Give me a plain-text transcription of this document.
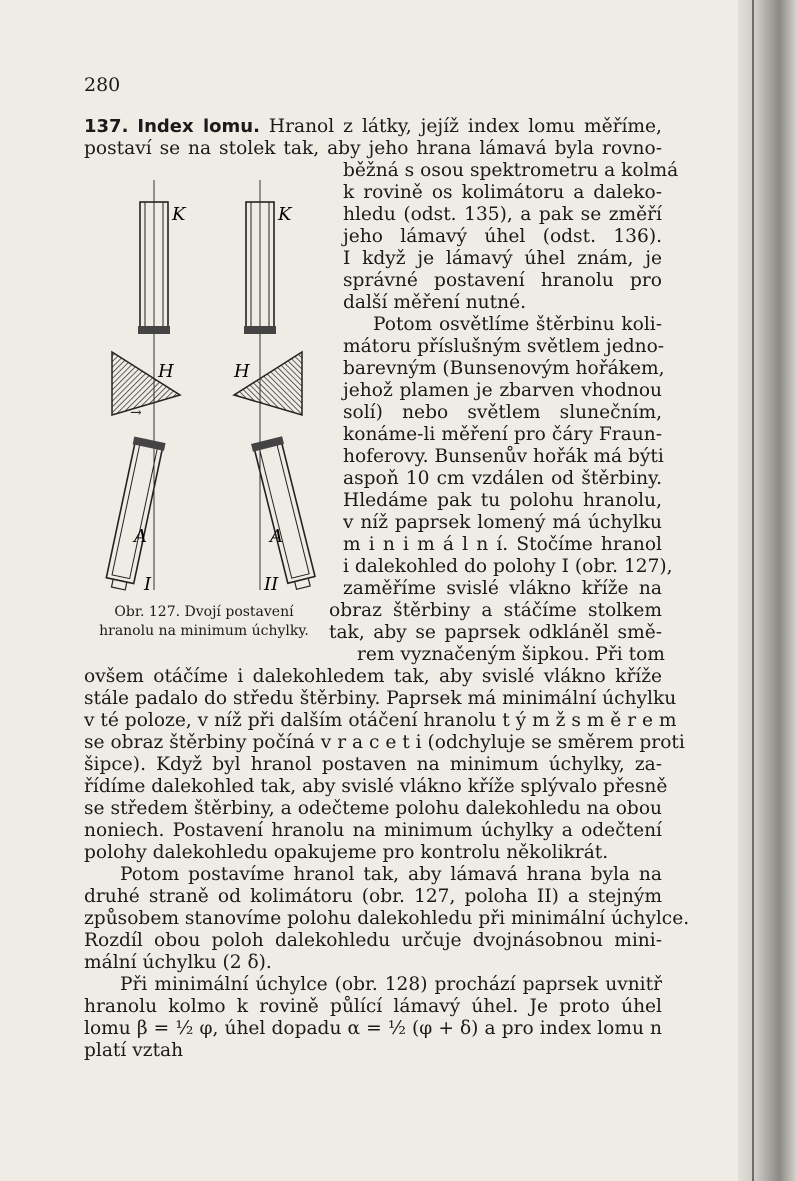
280

137. Index lomu. Hranol z látky, jejíž index lomu měříme,

postaví se na stolek tak, aby jeho hrana lámavá byla rovno-

běžná s osou spektrometru a kolmá

k rovině os kolimátoru a daleko-

hledu (odst. 135), a pak se změří

jeho lámavý úhel (odst. 136).

I když je lámavý úhel znám, je

správné postavení hranolu pro

další měření nutné.

Potom osvětlíme štěrbinu koli-

mátoru příslušným světlem jedno-

barevným (Bunsenovým hořákem,

jehož plamen je zbarven vhodnou

solí) nebo světlem slunečním,

konáme-li měření pro čáry Fraun-

hoferovy. Bunsenův hořák má býti

aspoň 10 cm vzdálen od štěrbiny.

Hledáme pak tu polohu hranolu,

v níž paprsek lomený má úchylku

m i n i m á l n í. Stočíme hranol

i dalekohled do polohy I (obr. 127),

zaměříme svislé vlákno kříže na

obraz štěrbiny a stáčíme stolkem

tak, aby se paprsek odkláněl smě-

rem vyznačeným šipkou. Při tom

ovšem otáčíme i dalekohledem tak, aby svislé vlákno kříže

stále padalo do středu štěrbiny. Paprsek má minimální úchylku

v té poloze, v níž při dalším otáčení hranolu t ý m ž s m ě r e m

se obraz štěrbiny počíná v r a c e t i (odchyluje se směrem proti

šipce). Když byl hranol postaven na minimum úchylky, za-

řídíme dalekohled tak, aby svislé vlákno kříže splývalo přesně

se středem štěrbiny, a odečteme polohu dalekohledu na obou

noniech. Postavení hranolu na minimum úchylky a odečtení

polohy dalekohledu opakujeme pro kontrolu několikrát.

Potom postavíme hranol tak, aby lámavá hrana byla na

druhé straně od kolimátoru (obr. 127, poloha II) a stejným

způsobem stanovíme polohu dalekohledu při minimální úchylce.

Rozdíl obou poloh dalekohledu určuje dvojnásobnou mini-

mální úchylku (2 δ).

Při minimální úchylce (obr. 128) prochází paprsek uvnitř

hranolu kolmo k rovině půlící lámavý úhel. Je proto úhel

lomu β = ½ φ, úhel dopadu α = ½ (φ + δ) a pro index lomu n

platí vztah

→
K	K
H	H
A	A
I	II

Obr. 127. Dvojí postavení

hranolu na minimum úchylky.
